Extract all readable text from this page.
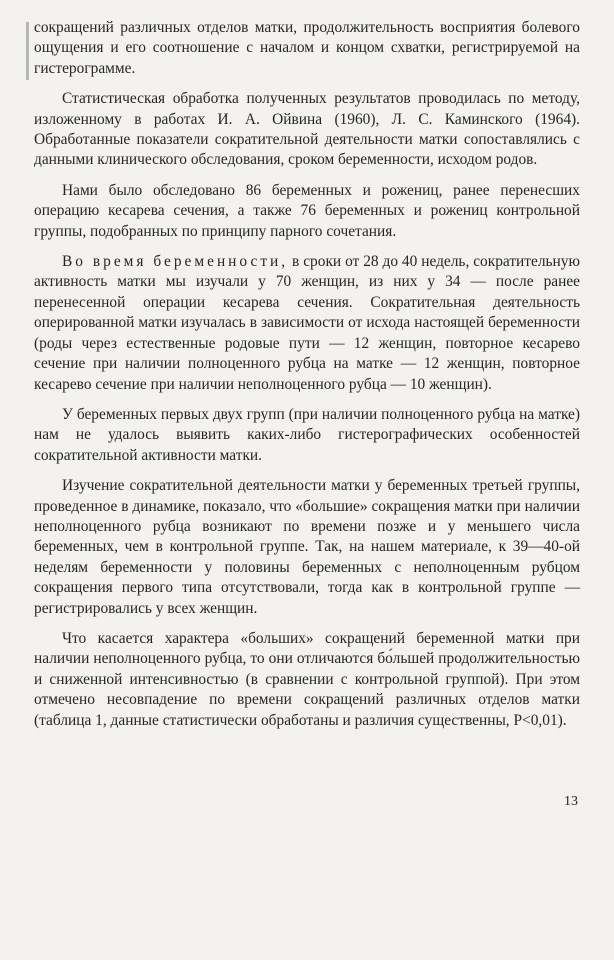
сокращений различных отделов матки, продолжительность восприятия болевого ощущения и его соотношение с началом и концом схватки, регистрируемой на гистерограмме.

Статистическая обработка полученных результатов проводилась по методу, изложенному в работах И. А. Ойвина (1960), Л. С. Каминского (1964). Обработанные показатели сократительной деятельности матки сопоставлялись с данными клинического обследования, сроком беременности, исходом родов.

Нами было обследовано 86 беременных и рожениц, ранее перенесших операцию кесарева сечения, а также 76 беременных и рожениц контрольной группы, подобранных по принципу парного сочетания.

Во время беременности, в сроки от 28 до 40 недель, сократительную активность матки мы изучали у 70 женщин, из них у 34 — после ранее перенесенной операции кесарева сечения. Сократительная деятельность оперированной матки изучалась в зависимости от исхода настоящей беременности (роды через естественные родовые пути — 12 женщин, повторное кесарево сечение при наличии полноценного рубца на матке — 12 женщин, повторное кесарево сечение при наличии неполноценного рубца — 10 женщин).

У беременных первых двух групп (при наличии полноценного рубца на матке) нам не удалось выявить каких-либо гистерографических особенностей сократительной активности матки.

Изучение сократительной деятельности матки у беременных третьей группы, проведенное в динамике, показало, что «большие» сокращения матки при наличии неполноценного рубца возникают по времени позже и у меньшего числа беременных, чем в контрольной группе. Так, на нашем материале, к 39—40-ой неделям беременности у половины беременных с неполноценным рубцом сокращения первого типа отсутствовали, тогда как в контрольной группе — регистрировались у всех женщин.

Что касается характера «больших» сокращений беременной матки при наличии неполноценного рубца, то они отличаются бо́льшей продолжительностью и сниженной интенсивностью (в сравнении с контрольной группой). При этом отмечено несовпадение по времени сокращений различных отделов матки (таблица 1, данные статистически обработаны и различия существенны, Р<0,01).

13
